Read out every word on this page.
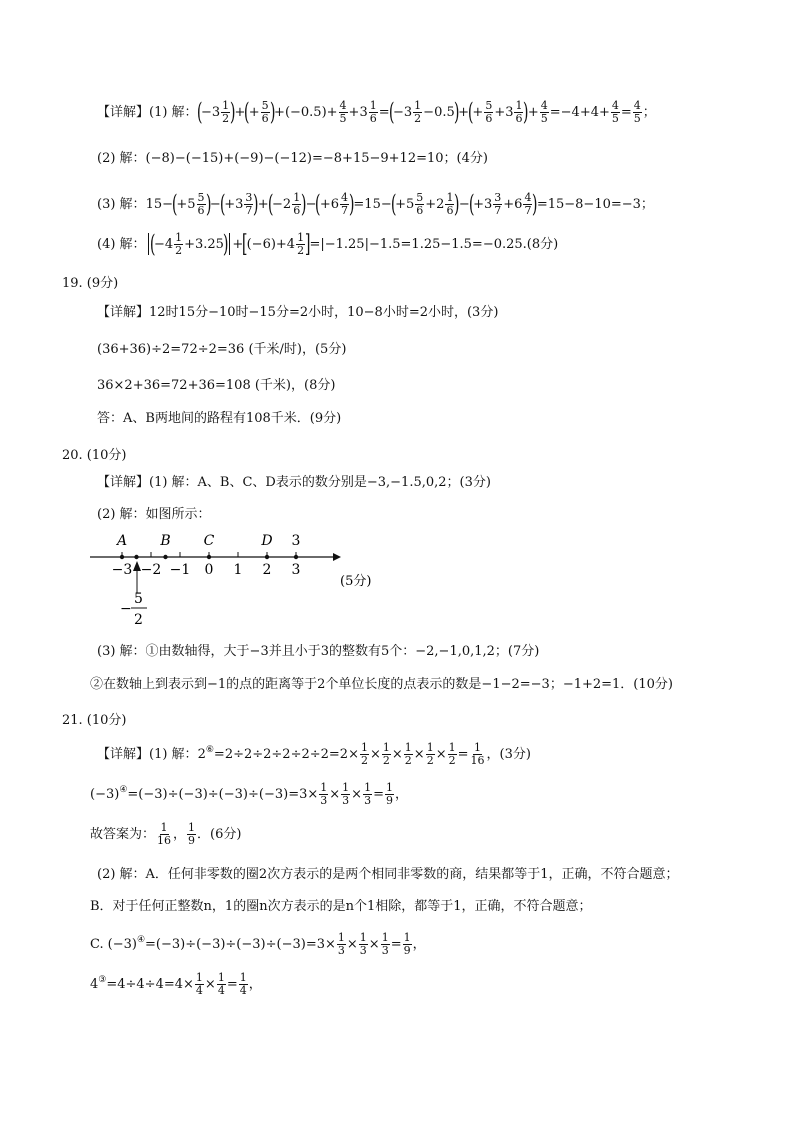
【详解】(1) 解：
(
$-3 \frac{1}{2}$ )
+
(
+ $\frac{5}{6}$ )
$+(-0.5)+ \frac{4}{5} +3 \frac{1}{6}$ =
(
$-3 \frac{1}{2} -0.5$
)
+
(
+ $\frac{5}{6} +3 \frac{1}{6}$ )
+ $\frac{4}{5} =-4+4+ \frac{4}{5} = \frac{4}{5}$ ；
(2) 解：(−8)−(−15)+(−9)−(−12)=−8+15−9+12=10；(4分)
(3) 解： 15−
(
$+5 \frac{5}{6}$ )
−
(
$+3 \frac{3}{7}$ )
+
(
$-2 \frac{1}{6}$ )
−
(
$+6 \frac{4}{7}$ )
=15−
(
$+5 \frac{5}{6} +2 \frac{1}{6}$ )
−
(
$+3 \frac{3}{7} +6 \frac{4}{7}$ )
=15−8−10=−3；
(4) 解： (
$-4 \frac{1}{2} +3.25$
) +
[
$(-6)+4 \frac{1}{2}$ ]
=|−1.25|−1.5=1.25−1.5=−0.25.(8分)
19. (9分)
【详解】12时15分−10时−15分=2小时，10−8小时=2小时，(3分)
(36+36)÷2=72÷2=36 (千米/时)，(5分)
36×2+36=72+36=108 (千米)，(8分)
答：A、B两地间的路程有108千米．(9分)
20. (10分)
【详解】(1) 解：A、B、C、D表示的数分别是−3,−1.5,0,2；(3分)
(2) 解：如图所示：
−3 −2 −1 0 1 2 3
A B C	D 3
−
5
2
(5分)
(3) 解：①由数轴得，大于−3并且小于3的整数有5个：−2,−1,0,1,2；(7分)
②在数轴上到表示到−1的点的距离等于2个单位长度的点表示的数是−1−2=−3；−1+2=1．(10分)
21. (10分)
【详解】(1) 解： 2 ⑥ $=2\div 2\div 2\div 2\div 2\div 2=2\times \frac{1}{2} \times \frac{1}{2} \times \frac{1}{2} \times \frac{1}{2} \times \frac{1}{2} = \frac{1}{16}$ ，(3分)
(−3) ④ $=(-3)\div(-3)\div(-3)\div(-3)=3\times \frac{1}{3} \times \frac{1}{3} \times \frac{1}{3} = \frac{1}{9}$ ，
故答案为： $\frac{1}{16}$ ， $\frac{1}{9}$ ．(6分)
(2) 解：A．任何非零数的圈2次方表示的是两个相同非零数的商，结果都等于1，正确，不符合题意；
B．对于任何正整数n，1的圈n次方表示的是n个1相除，都等于1，正确，不符合题意；
C. (−3) ④ $=(-3)\div(-3)\div(-3)\div(-3)=3\times \frac{1}{3} \times \frac{1}{3} \times \frac{1}{3} = \frac{1}{9}$ ，
4 ③ $=4\div 4\div 4=4\times \frac{1}{4} \times \frac{1}{4} = \frac{1}{4}$ ，
